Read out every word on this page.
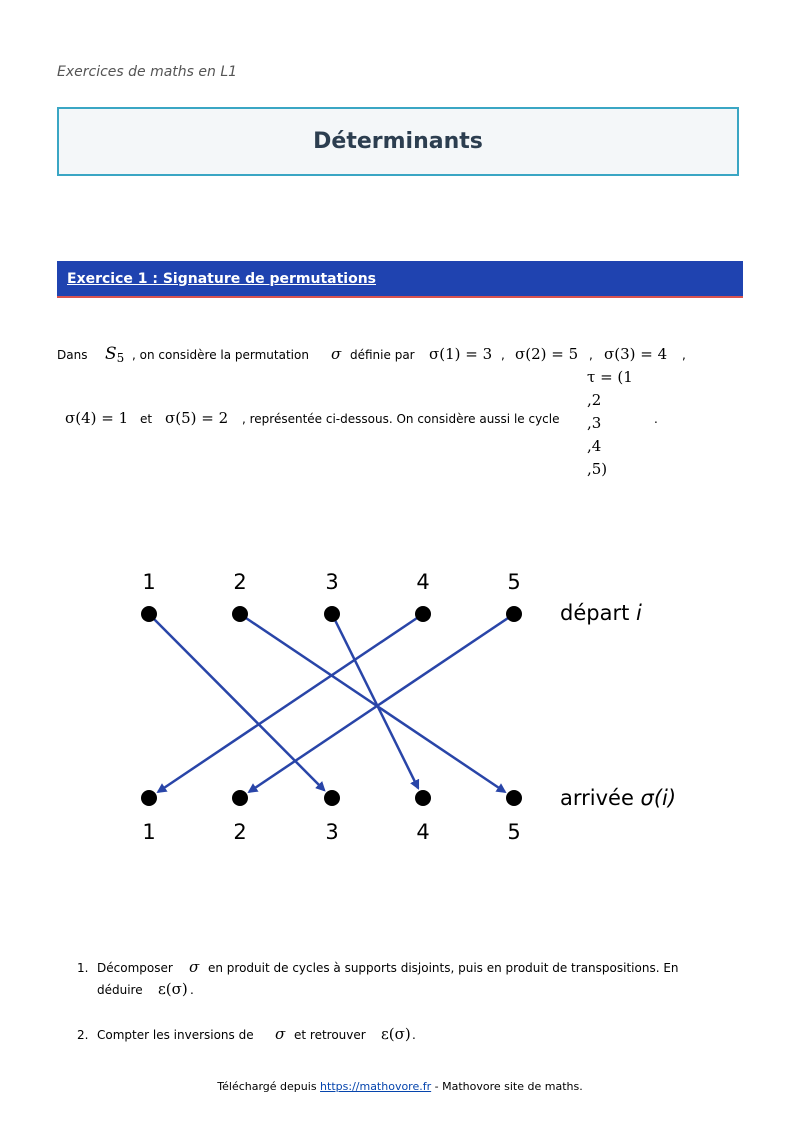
Exercices de maths en L1
Déterminants
Exercice 1 : Signature de permutations
Dans S5 , on considère la permutation σ définie par σ(1) = 3 , σ(2) = 5 , σ(3) = 4 ,
τ = (1
,2
,3
,4
,5)
σ(4) = 1 et σ(5) = 2 , représentée ci-dessous. On considère aussi le cycle	.
départ i
arrivée σ(i)
1
1
2
2
3
3
4
4
5
5
1. Décomposer σ en produit de cycles à supports disjoints, puis en produit de transpositions. En
déduire ε(σ) .
2. Compter les inversions de σ et retrouver ε(σ) .
Téléchargé depuis https://mathovore.fr - Mathovore site de maths.
